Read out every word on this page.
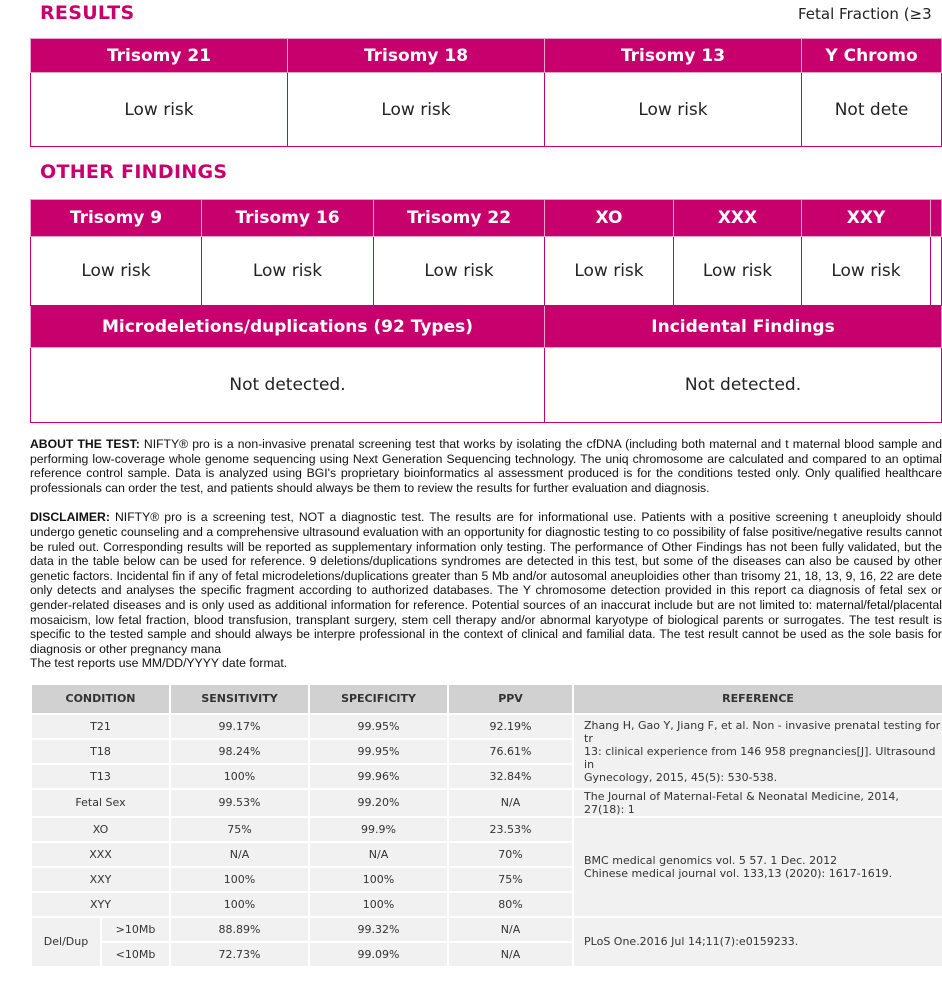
RESULTS	Fetal Fraction (≥3
Trisomy 21	Trisomy 18	Trisomy 13	Y Chromo
Low risk	Low risk	Low risk	Not dete
OTHER FINDINGS
Trisomy 9	Trisomy 16	Trisomy 22	XO	XXX	XXY	
Low risk	Low risk	Low risk	Low risk	Low risk	Low risk	
Microdeletions/duplications (92 Types)			Incidental Findings			
Not detected.			Not detected.			

ABOUT THE TEST: NIFTY® pro is a non-invasive prenatal screening test that works by isolating the cfDNA (including both maternal and t maternal blood sample and performing low-coverage whole genome sequencing using Next Generation Sequencing technology. The uniq chromosome are calculated and compared to an optimal reference control sample. Data is analyzed using BGI's proprietary bioinformatics al assessment produced is for the conditions tested only. Only qualified healthcare professionals can order the test, and patients should always be them to review the results for further evaluation and diagnosis.

DISCLAIMER: NIFTY® pro is a screening test, NOT a diagnostic test. The results are for informational use. Patients with a positive screening t aneuploidy should undergo genetic counseling and a comprehensive ultrasound evaluation with an opportunity for diagnostic testing to co possibility of false positive/negative results cannot be ruled out. Corresponding results will be reported as supplementary information only testing. The performance of Other Findings has not been fully validated, but the data in the table below can be used for reference. 9 deletions/duplications syndromes are detected in this test, but some of the diseases can also be caused by other genetic factors. Incidental fin if any of fetal microdeletions/duplications greater than 5 Mb and/or autosomal aneuploidies other than trisomy 21, 18, 13, 9, 16, 22 are dete only detects and analyses the specific fragment according to authorized databases. The Y chromosome detection provided in this report ca diagnosis of fetal sex or gender-related diseases and is only used as additional information for reference. Potential sources of an inaccurat include but are not limited to: maternal/fetal/placental mosaicism, low fetal fraction, blood transfusion, transplant surgery, stem cell therapy and/or abnormal karyotype of biological parents or surrogates. The test result is specific to the tested sample and should always be interpre professional in the context of clinical and familial data. The test result cannot be used as the sole basis for diagnosis or other pregnancy mana

The test reports use MM/DD/YYYY date format.

CONDITION		SENSITIVITY	SPECIFICITY	PPV	REFERENCE
T21		99.17%	99.95%	92.19%	Zhang H, Gao Y, Jiang F, et al. Non - invasive prenatal testing for tr
13: clinical experience from 146 958 pregnancies[J]. Ultrasound in
Gynecology, 2015, 45(5): 530-538.

T18		98.24%	99.95%	76.61%	
T13		100%	99.96%	32.84%	
Fetal Sex		99.53%	99.20%	N/A	The Journal of Maternal-Fetal & Neonatal Medicine, 2014, 27(18): 1
XO		75%	99.9%	23.53%	BMC medical genomics vol. 5 57. 1 Dec. 2012
Chinese medical journal vol. 133,13 (2020): 1617-1619.

XXX		N/A	N/A	70%	
XXY		100%	100%	75%	
XYY		100%	100%	80%	
Del/Dup	>10Mb	88.89%	99.32%	N/A	PLoS One.2016 Jul 14;11(7):e0159233.
	<10Mb	72.73%	99.09%	N/A	
